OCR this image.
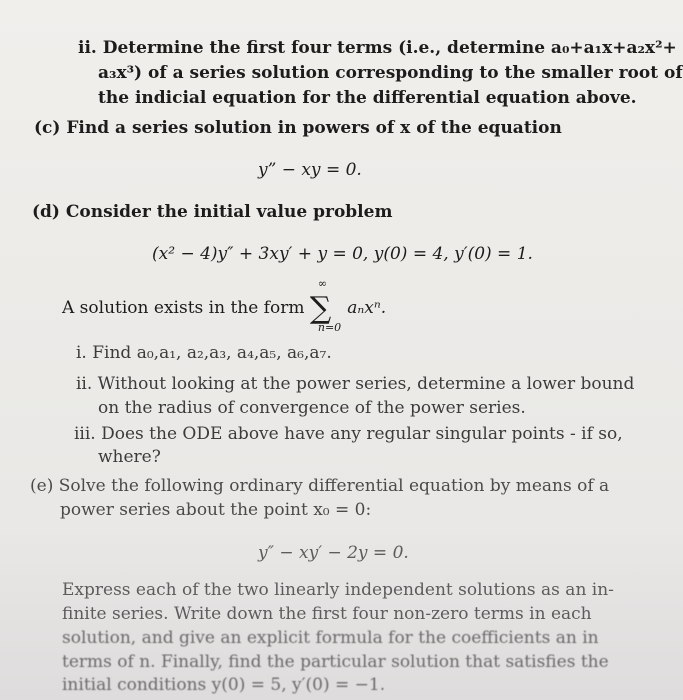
ii. Determine the first four terms (i.e., determine a₀+a₁x+a₂x²+
a₃x³) of a series solution corresponding to the smaller root of
the indicial equation for the differential equation above.
(c) Find a series solution in powers of x of the equation
y” − xy = 0.
(d) Consider the initial value problem
(x² − 4)y″ + 3xy′ + y = 0, y(0) = 4, y′(0) = 1.
A solution exists in the form
∞
∑
n=0
aₙxⁿ.
i. Find a₀,a₁, a₂,a₃, a₄,a₅, a₆,a₇.
ii. Without looking at the power series, determine a lower bound
on the radius of convergence of the power series.
iii. Does the ODE above have any regular singular points - if so,
where?
(e) Solve the following ordinary differential equation by means of a
power series about the point x₀ = 0:
y″ − xy′ − 2y = 0.
Express each of the two linearly independent solutions as an in-
finite series. Write down the first four non-zero terms in each
solution, and give an explicit formula for the coefficients an in
terms of n. Finally, find the particular solution that satisfies the
initial conditions y(0) = 5, y′(0) = −1.
